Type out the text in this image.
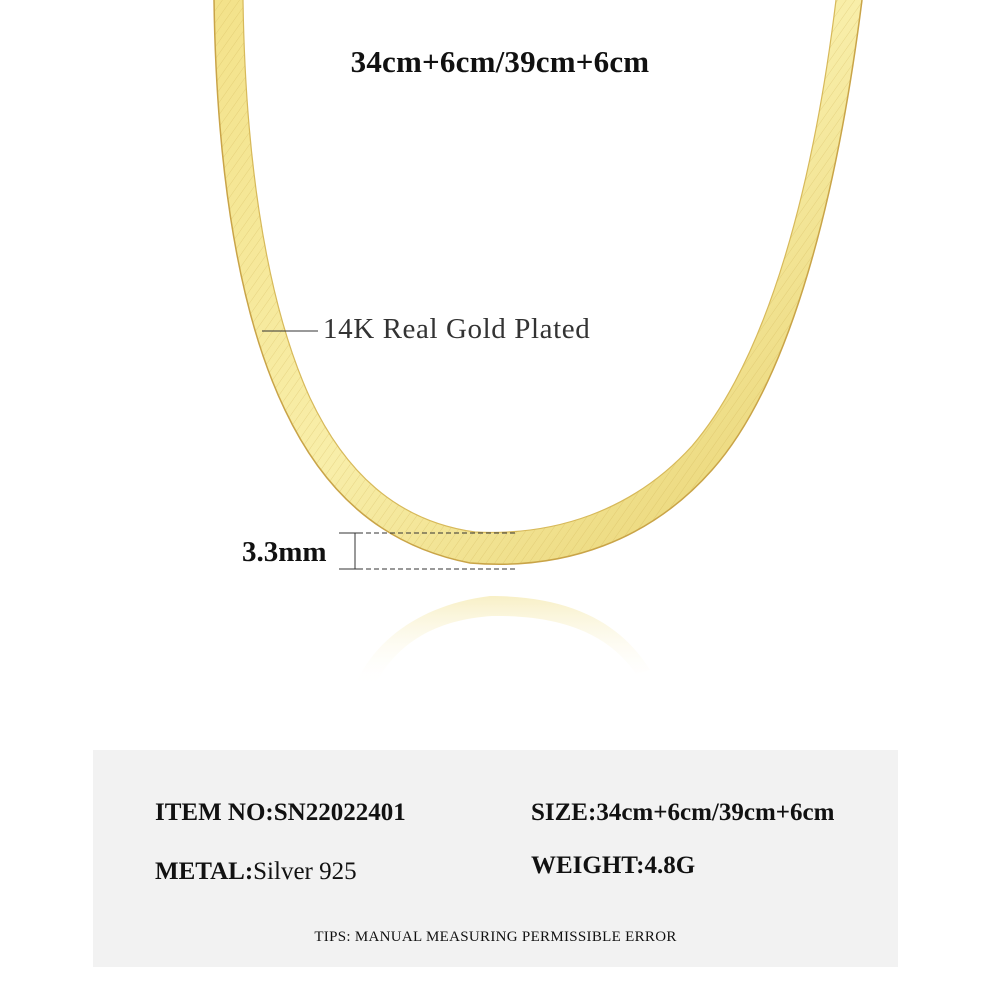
34cm+6cm/39cm+6cm
14K Real Gold Plated
3.3mm
ITEM NO:SN22022401	SIZE:34cm+6cm/39cm+6cm
METAL:Silver 925	WEIGHT:4.8G
TIPS: MANUAL MEASURING PERMISSIBLE ERROR
